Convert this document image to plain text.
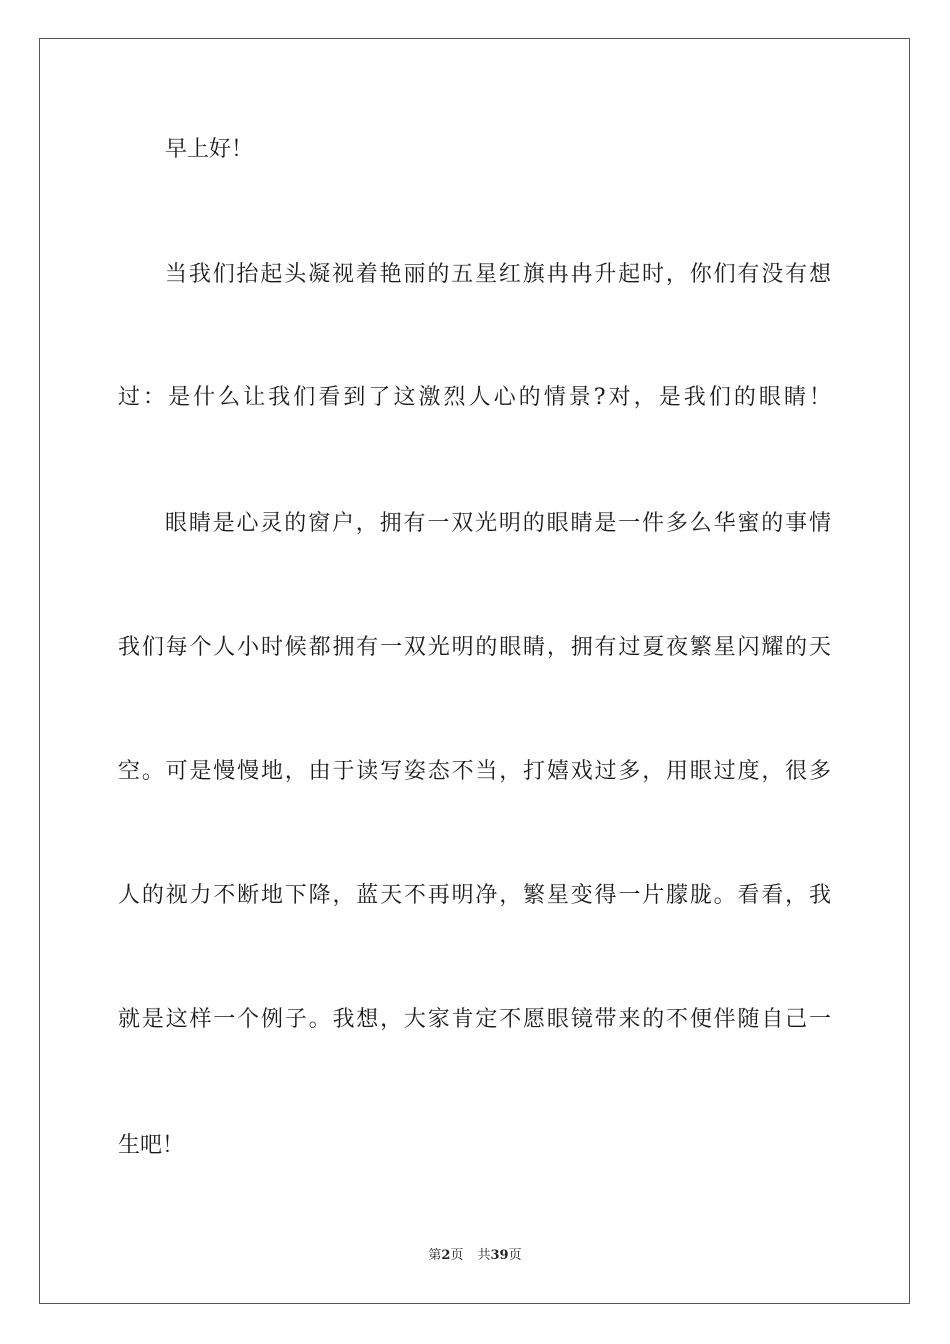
早上好！
当我们抬起头凝视着艳丽的五星红旗冉冉升起时，你们有没有想
过：是什么让我们看到了这激烈人心的情景?对，是我们的眼睛！
眼睛是心灵的窗户，拥有一双光明的眼睛是一件多么华蜜的事情
我们每个人小时候都拥有一双光明的眼睛，拥有过夏夜繁星闪耀的天
空。可是慢慢地，由于读写姿态不当，打嬉戏过多，用眼过度，很多
人的视力不断地下降，蓝天不再明净，繁星变得一片朦胧。看看，我
就是这样一个例子。我想，大家肯定不愿眼镜带来的不便伴随自己一
生吧！
第2页 共39页
